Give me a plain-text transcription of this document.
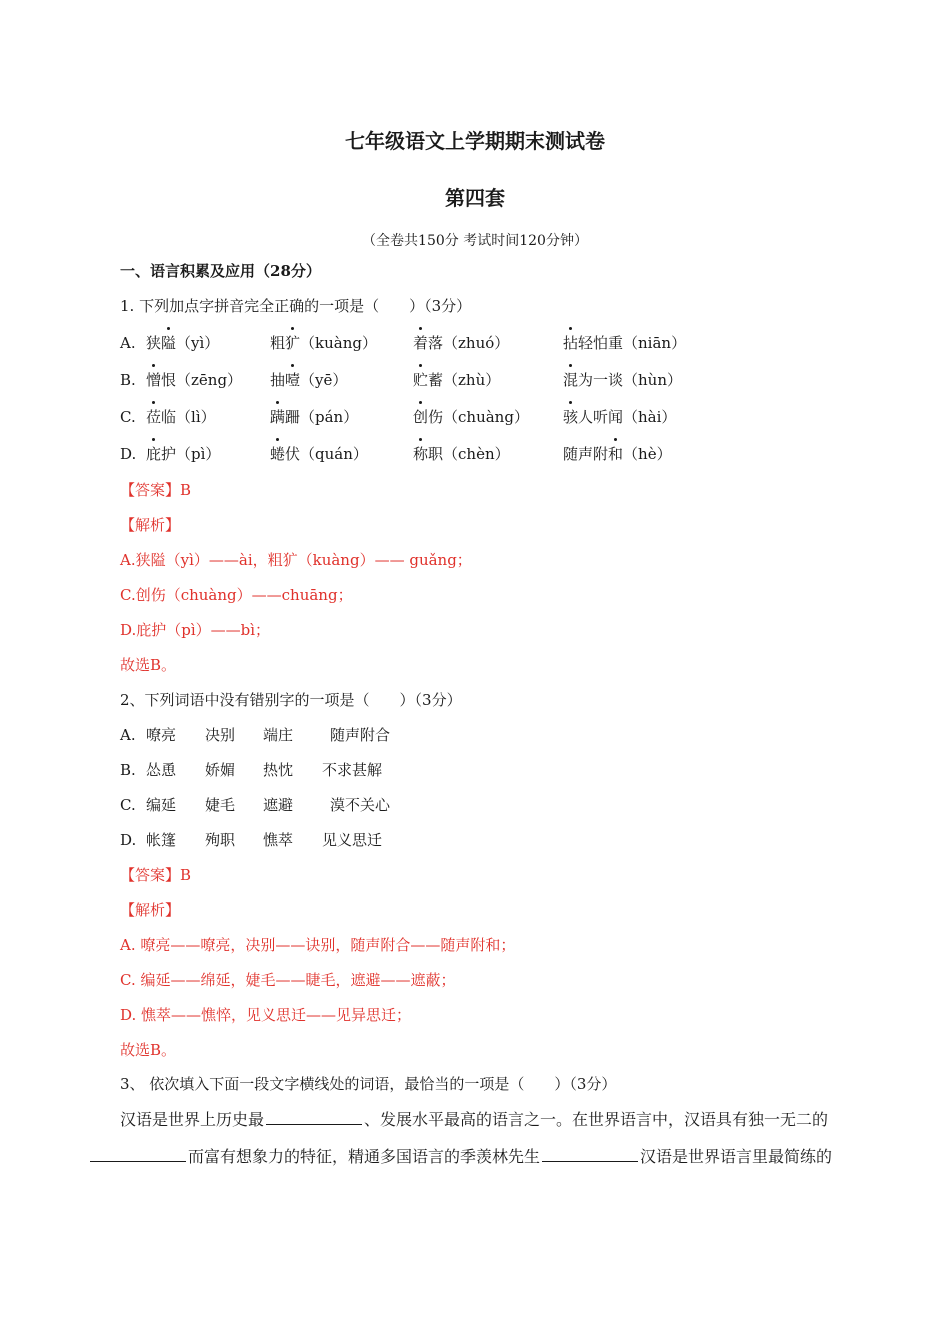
七年级语文上学期期末测试卷
第四套
（全卷共150分 考试时间120分钟）
一、语言积累及应用（28分）
1. 下列加点字拼音完全正确的一项是（　　）（3分）
A. 狭隘（yì）	粗犷（kuàng） 着落（zhuó）	拈轻怕重（niān）
B. 憎恨（zēng） 抽噎（yē）	贮蓄（zhù）	混为一谈（hùn）
C. 莅临（lì）	蹒跚（pán）	创伤（chuàng） 骇人听闻（hài）
D. 庇护（pì）	蜷伏（quán）	称职（chèn）	随声附和（hè）
【答案】B
【解析】
A.狭隘（yì）——ài，粗犷（kuàng）—— guǎng；
C.创伤（chuàng）——chuāng；
D.庇护（pì）——bì；
故选B。
2、下列词语中没有错别字的一项是（　　）（3分）
A. 嘹亮 决别 端庄 随声附合
B. 怂恿 娇媚 热忱 不求甚解
C. 编延 婕毛 遮避 漠不关心
D. 帐篷 殉职 憔萃 见义思迁
【答案】B
【解析】
A. 嘹亮——嘹亮，决别——诀别，随声附合——随声附和；
C. 编延——绵延，婕毛——睫毛，遮避——遮蔽；
D. 憔萃——憔悴，见义思迁——见异思迁；
故选B。
3、 依次填入下面一段文字横线处的词语，最恰当的一项是（　　）（3分）
汉语是世界上历史最	、发展水平最高的语言之一。在世界语言中，汉语具有独一无二的
而富有想象力的特征，精通多国语言的季羡林先生	汉语是世界语言里最简练的
